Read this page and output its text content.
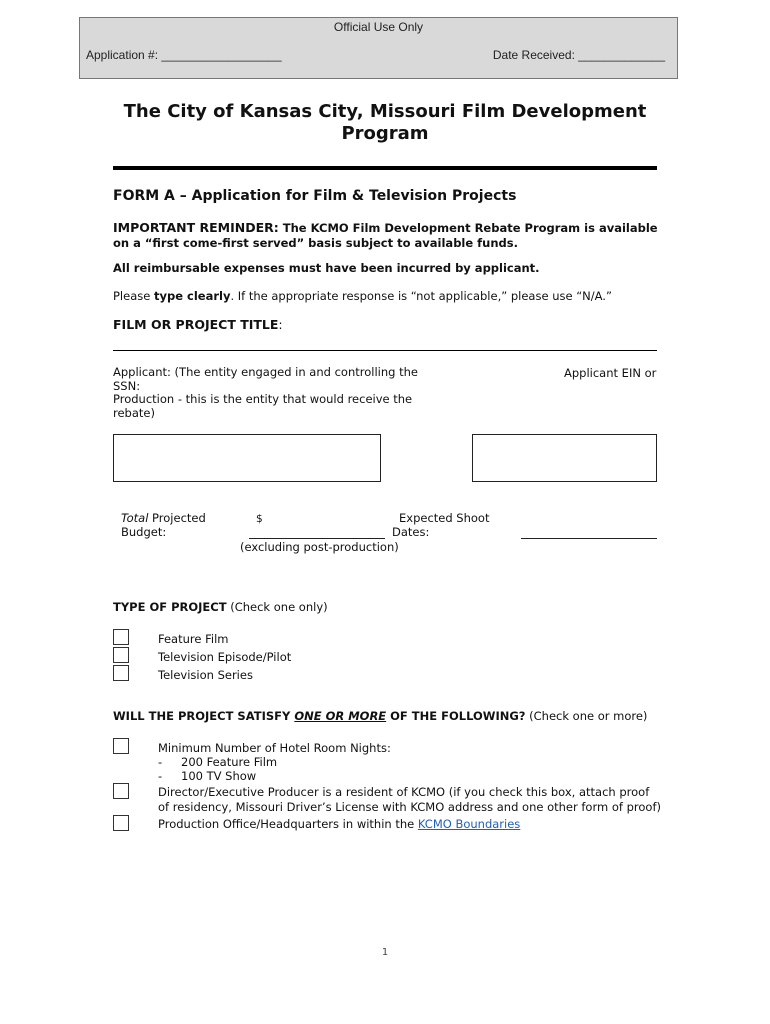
Official Use Only
Application #: __________________	Date Received: _____________
The City of Kansas City, Missouri Film Development Program
FORM A – Application for Film & Television Projects
IMPORTANT REMINDER: The KCMO Film Development Rebate Program is available on a “first come-first served” basis subject to available funds.
All reimbursable expenses must have been incurred by applicant.
Please type clearly. If the appropriate response is “not applicable,” please use “N/A.”
FILM OR PROJECT TITLE:
Applicant: (The entity engaged in and controlling the
SSN:
Production - this is the entity that would receive the
rebate)
Applicant EIN or
Total Projected
Budget:
$
(excluding post-production)
Expected Shoot
Dates:
TYPE OF PROJECT (Check one only)
Feature Film
Television Episode/Pilot
Television Series
WILL THE PROJECT SATISFY ONE OR MORE OF THE FOLLOWING? (Check one or more)
Minimum Number of Hotel Room Nights:
- 200 Feature Film
- 100 TV Show
Director/Executive Producer is a resident of KCMO (if you check this box, attach proof
of residency, Missouri Driver’s License with KCMO address and one other form of proof)
Production Office/Headquarters in within the KCMO Boundaries
1
